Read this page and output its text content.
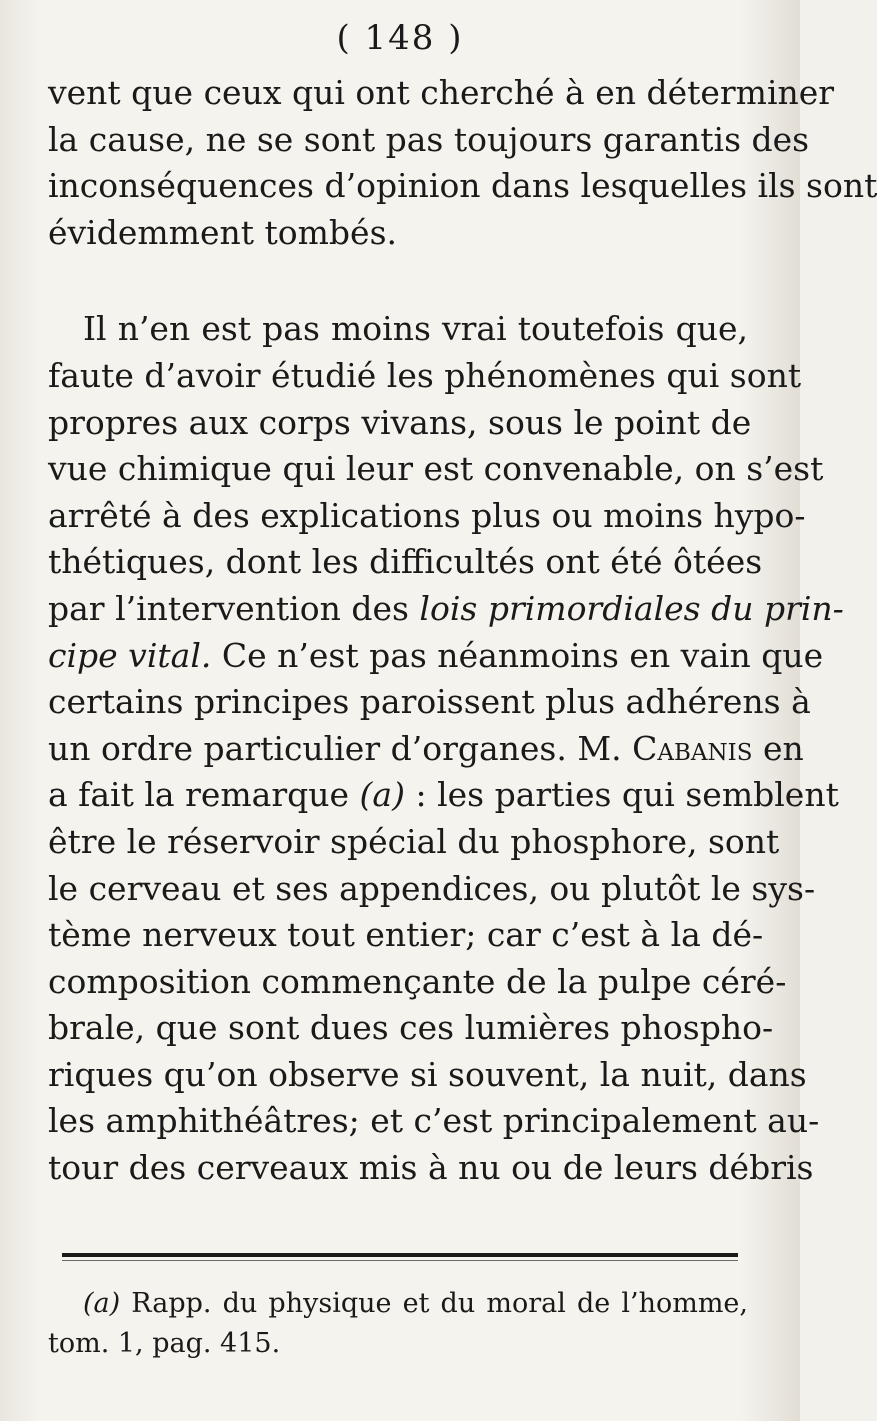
( 148 )
vent que ceux qui ont cherché à en déterminer
la cause, ne se sont pas toujours garantis des
inconséquences d’opinion dans lesquelles ils sont
évidemment tombés.
Il n’en est pas moins vrai toutefois que,
faute d’avoir étudié les phénomènes qui sont
propres aux corps vivans, sous le point de
vue chimique qui leur est convenable, on s’est
arrêté à des explications plus ou moins hypo-
thétiques, dont les difficultés ont été ôtées
par l’intervention des lois primordiales du prin-
cipe vital. Ce n’est pas néanmoins en vain que
certains principes paroissent plus adhérens à
un ordre particulier d’organes. M. Cabanis en
a fait la remarque (a) : les parties qui semblent
être le réservoir spécial du phosphore, sont
le cerveau et ses appendices, ou plutôt le sys-
tème nerveux tout entier; car c’est à la dé-
composition commençante de la pulpe céré-
brale, que sont dues ces lumières phospho-
riques qu’on observe si souvent, la nuit, dans
les amphithéâtres; et c’est principalement au-
tour des cerveaux mis à nu ou de leurs débris
(a) Rapp. du physique et du moral de l’homme,
tom. 1, pag. 415.
